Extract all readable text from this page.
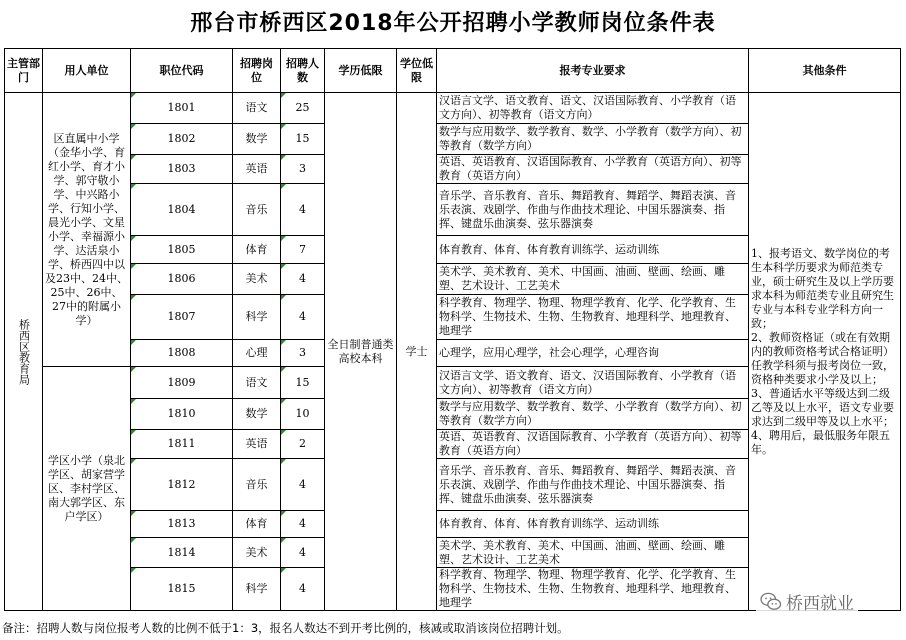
邢台市桥西区2018年公开招聘小学教师岗位条件表
主管部门	用人单位	职位代码	招聘岗位	招聘人数	学历低限	学位低限	报考专业要求	其他条件

桥西区教育局	区直属中小学（金华小学、育红小学、育才小学、郭守敬小学、中兴路小学、行知小学、晨光小学、文星小学、幸福源小学、达活泉小学、桥西四中以及23中、24中、25中、26中、27中的附属小学）	1801	语文	25	全日制普通类高校本科	学士	汉语言文学、语文教育、语文、汉语国际教育、小学教育（语文方向）、初等教育（语文方向）	1、报考语文、数学岗位的考生本科学历要求为师范类专业，硕士研究生及以上学历要求本科为师范类专业且研究生专业与本科专业学科方向一致；
2、教师资格证（或在有效期内的教师资格考试合格证明）任教学科须与报考岗位一致，资格种类要求小学及以上；
3、普通话水平等级达到二级乙等及以上水平，语文专业要求达到二级甲等及以上水平；
4、聘用后，最低服务年限五年。

		1802	数学	15			数学与应用数学、数学教育、数学、小学教育（数学方向）、初等教育（数学方向）	
		1803	英语	3			英语、英语教育、汉语国际教育、小学教育（英语方向）、初等教育（英语方向）	
		1804	音乐	4			音乐学、音乐教育、音乐、舞蹈教育、舞蹈学、舞蹈表演、音乐表演、戏剧学、作曲与作曲技术理论、中国乐器演奏、指挥、键盘乐曲演奏、弦乐器演奏	
		1805	体育	7			体育教育、体育、体育教育训练学、运动训练	
		1806	美术	4			美术学、美术教育、美术、中国画、油画、壁画、绘画、雕塑、艺术设计、工艺美术	
		1807	科学	4			科学教育、物理学、物理、物理学教育、化学、化学教育、生物科学、生物技术、生物、生物教育、地理科学、地理教育、地理学	
		1808	心理	3			心理学，应用心理学，社会心理学，心理咨询	
	学区小学（泉北学区、胡家营学区、李村学区、南大郭学区、东户学区）	1809	语文	15			汉语言文学、语文教育、语文、汉语国际教育、小学教育（语文方向）、初等教育（语文方向）	
		1810	数学	10			数学与应用数学、数学教育、数学、小学教育（数学方向）、初等教育（数学方向）	
		1811	英语	2			英语、英语教育、汉语国际教育、小学教育（英语方向）、初等教育（英语方向）	
		1812	音乐	4			音乐学、音乐教育、音乐、舞蹈教育、舞蹈学、舞蹈表演、音乐表演、戏剧学、作曲与作曲技术理论、中国乐器演奏、指挥、键盘乐曲演奏、弦乐器演奏	
		1813	体育	4			体育教育、体育、体育教育训练学、运动训练	
		1814	美术	4			美术学、美术教育、美术、中国画、油画、壁画、绘画、雕塑、艺术设计、工艺美术	
		1815	科学	4			科学教育、物理学、物理、物理学教育、化学、化学教育、生物科学、生物技术、生物、生物教育、地理科学、地理教育、地理学	
备注：招聘人数与岗位报考人数的比例不低于1：3，报名人数达不到开考比例的，核减或取消该岗位招聘计划。
桥西就业
